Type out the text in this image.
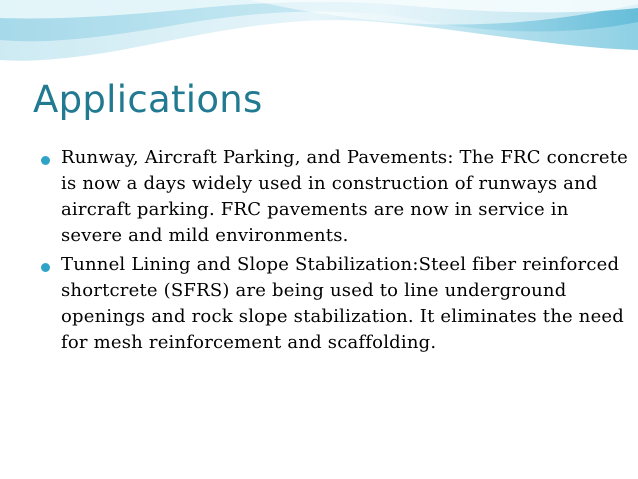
Applications
Runway, Aircraft Parking, and Pavements: The FRC concrete is now a days widely used in construction of runways and aircraft parking. FRC pavements are now in service in severe and mild environments.
Tunnel Lining and Slope Stabilization:Steel fiber reinforced shortcrete (SFRS) are being used to line underground openings and rock slope stabilization. It eliminates the need for mesh reinforcement and scaffolding.
